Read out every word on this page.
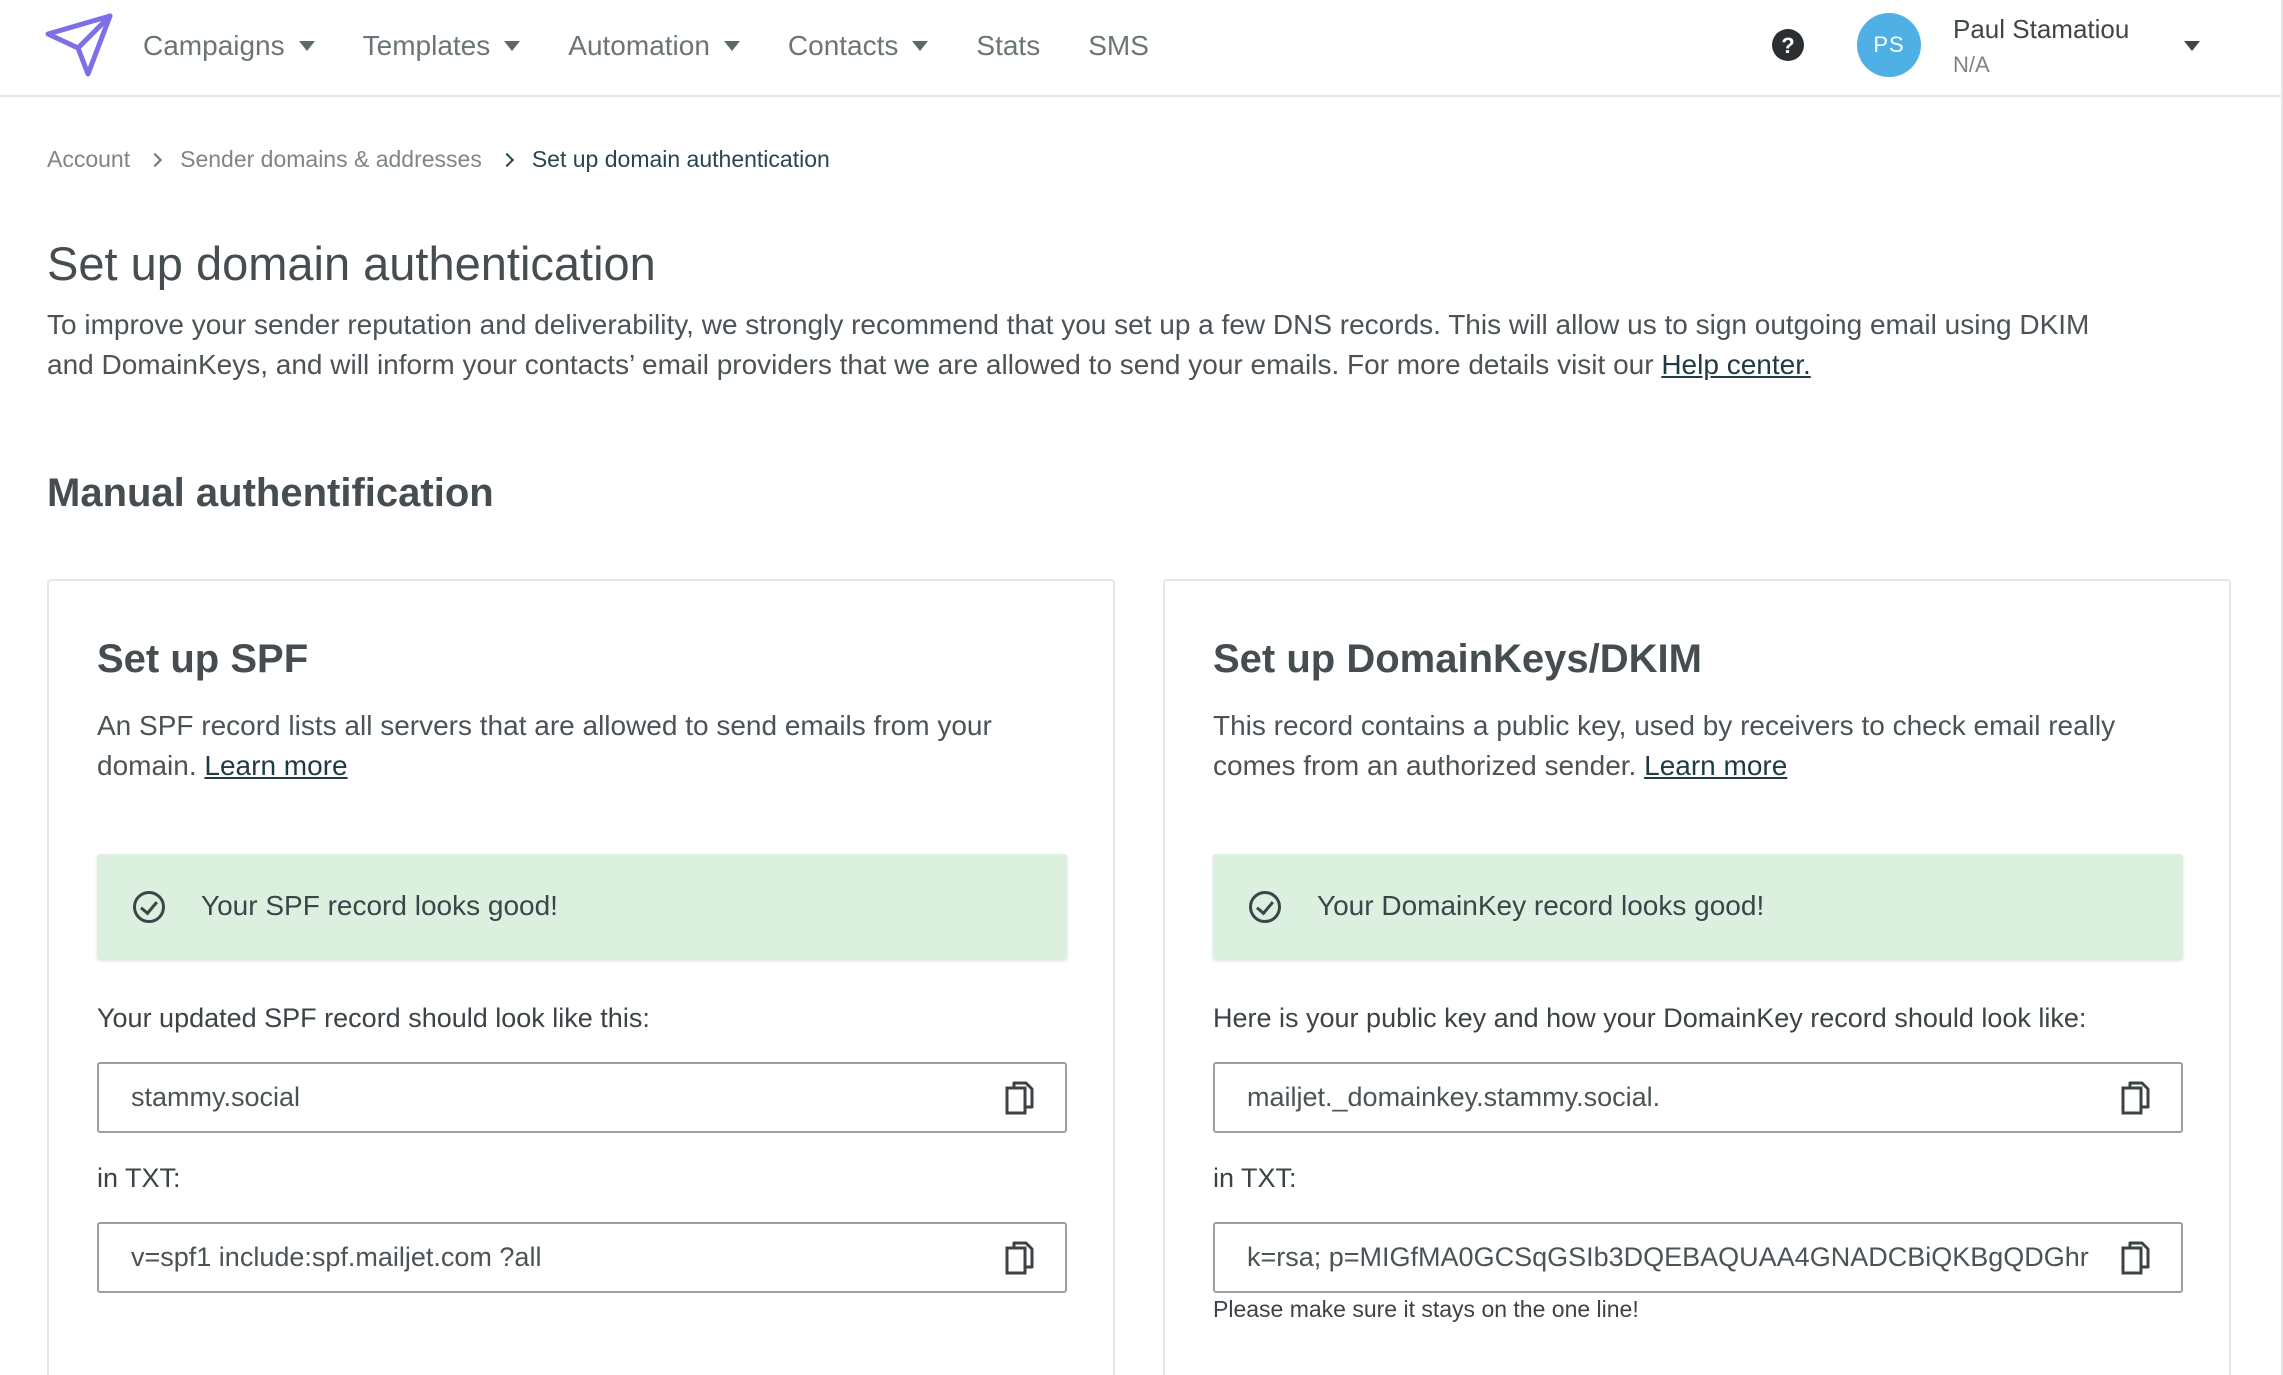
Campaigns	Templates	Automation	Contacts	Stats SMS	?	PS
Paul Stamatiou
N/A
Account Sender domains & addresses Set up domain authentication
Set up domain authentication

To improve your sender reputation and deliverability, we strongly recommend that you set up a few DNS records. This will allow us to sign outgoing email using DKIM and DomainKeys, and will inform your contacts’ email providers that we are allowed to send your emails. For more details visit our Help center.

Manual authentification
Set up SPF

An SPF record lists all servers that are allowed to send emails from your domain. Learn more

Your SPF record looks good!
Your updated SPF record should look like this:
stammy.social
in TXT:
v=spf1 include:spf.mailjet.com ?all
Set up DomainKeys/DKIM

This record contains a public key, used by receivers to check email really comes from an authorized sender. Learn more

Your DomainKey record looks good!
Here is your public key and how your DomainKey record should look like:
mailjet._domainkey.stammy.social.
in TXT:
k=rsa; p=MIGfMA0GCSqGSIb3DQEBAQUAA4GNADCBiQKBgQDGhr
Please make sure it stays on the one line!
